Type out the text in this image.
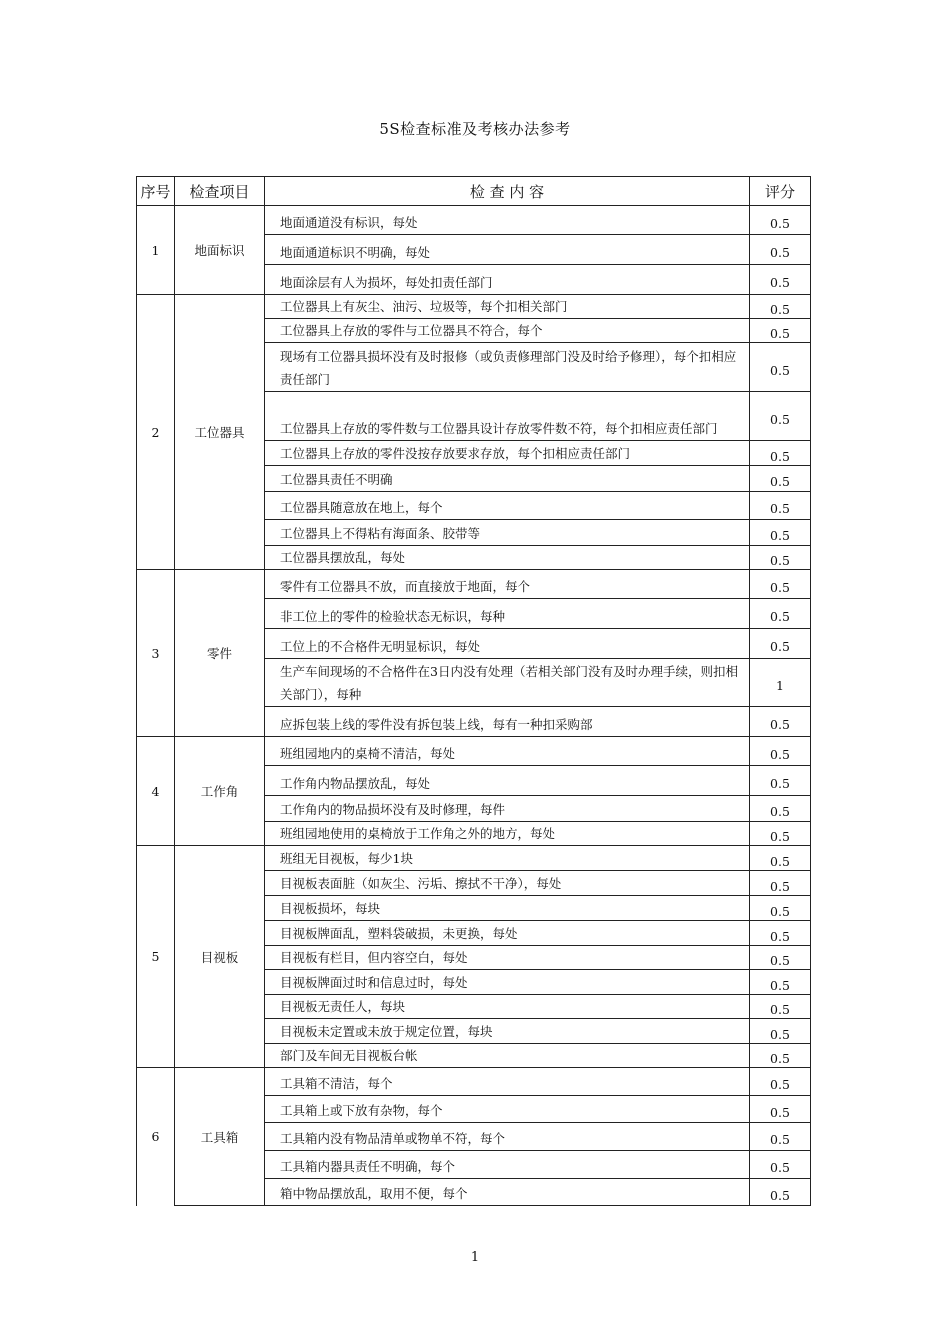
5S检查标准及考核办法参考
序号	检查项目	检 查 内 容	评分
1	地面标识	地面通道没有标识，每处	0.5
		地面通道标识不明确，每处	0.5
		地面涂层有人为损坏，每处扣责任部门	0.5
2	工位器具	工位器具上有灰尘、油污、垃圾等，每个扣相关部门	0.5
		工位器具上存放的零件与工位器具不符合，每个	0.5
		现场有工位器具损坏没有及时报修（或负责修理部门没及时给予修理），每个扣相应责任部门	0.5
		工位器具上存放的零件数与工位器具设计存放零件数不符，每个扣相应责任部门	0.5
		工位器具上存放的零件没按存放要求存放，每个扣相应责任部门	0.5
		工位器具责任不明确	0.5
		工位器具随意放在地上，每个	0.5
		工位器具上不得粘有海面条、胶带等	0.5
		工位器具摆放乱，每处	0.5
3	零件	零件有工位器具不放，而直接放于地面，每个	0.5
		非工位上的零件的检验状态无标识，每种	0.5
		工位上的不合格件无明显标识，每处	0.5
		生产车间现场的不合格件在3日内没有处理（若相关部门没有及时办理手续，则扣相关部门），每种	1
		应拆包装上线的零件没有拆包装上线，每有一种扣采购部	0.5
4	工作角	班组园地内的桌椅不清洁，每处	0.5
		工作角内物品摆放乱，每处	0.5
		工作角内的物品损坏没有及时修理，每件	0.5
		班组园地使用的桌椅放于工作角之外的地方，每处	0.5
5	目视板	班组无目视板，每少1块	0.5
		目视板表面脏（如灰尘、污垢、擦拭不干净），每处	0.5
		目视板损坏，每块	0.5
		目视板牌面乱，塑料袋破损，未更换，每处	0.5
		目视板有栏目，但内容空白，每处	0.5
		目视板牌面过时和信息过时，每处	0.5
		目视板无责任人，每块	0.5
		目视板未定置或未放于规定位置，每块	0.5
		部门及车间无目视板台帐	0.5
6	工具箱	工具箱不清洁，每个	0.5
		工具箱上或下放有杂物，每个	0.5
		工具箱内没有物品清单或物单不符，每个	0.5
		工具箱内器具责任不明确，每个	0.5
		箱中物品摆放乱，取用不便，每个	0.5
1
